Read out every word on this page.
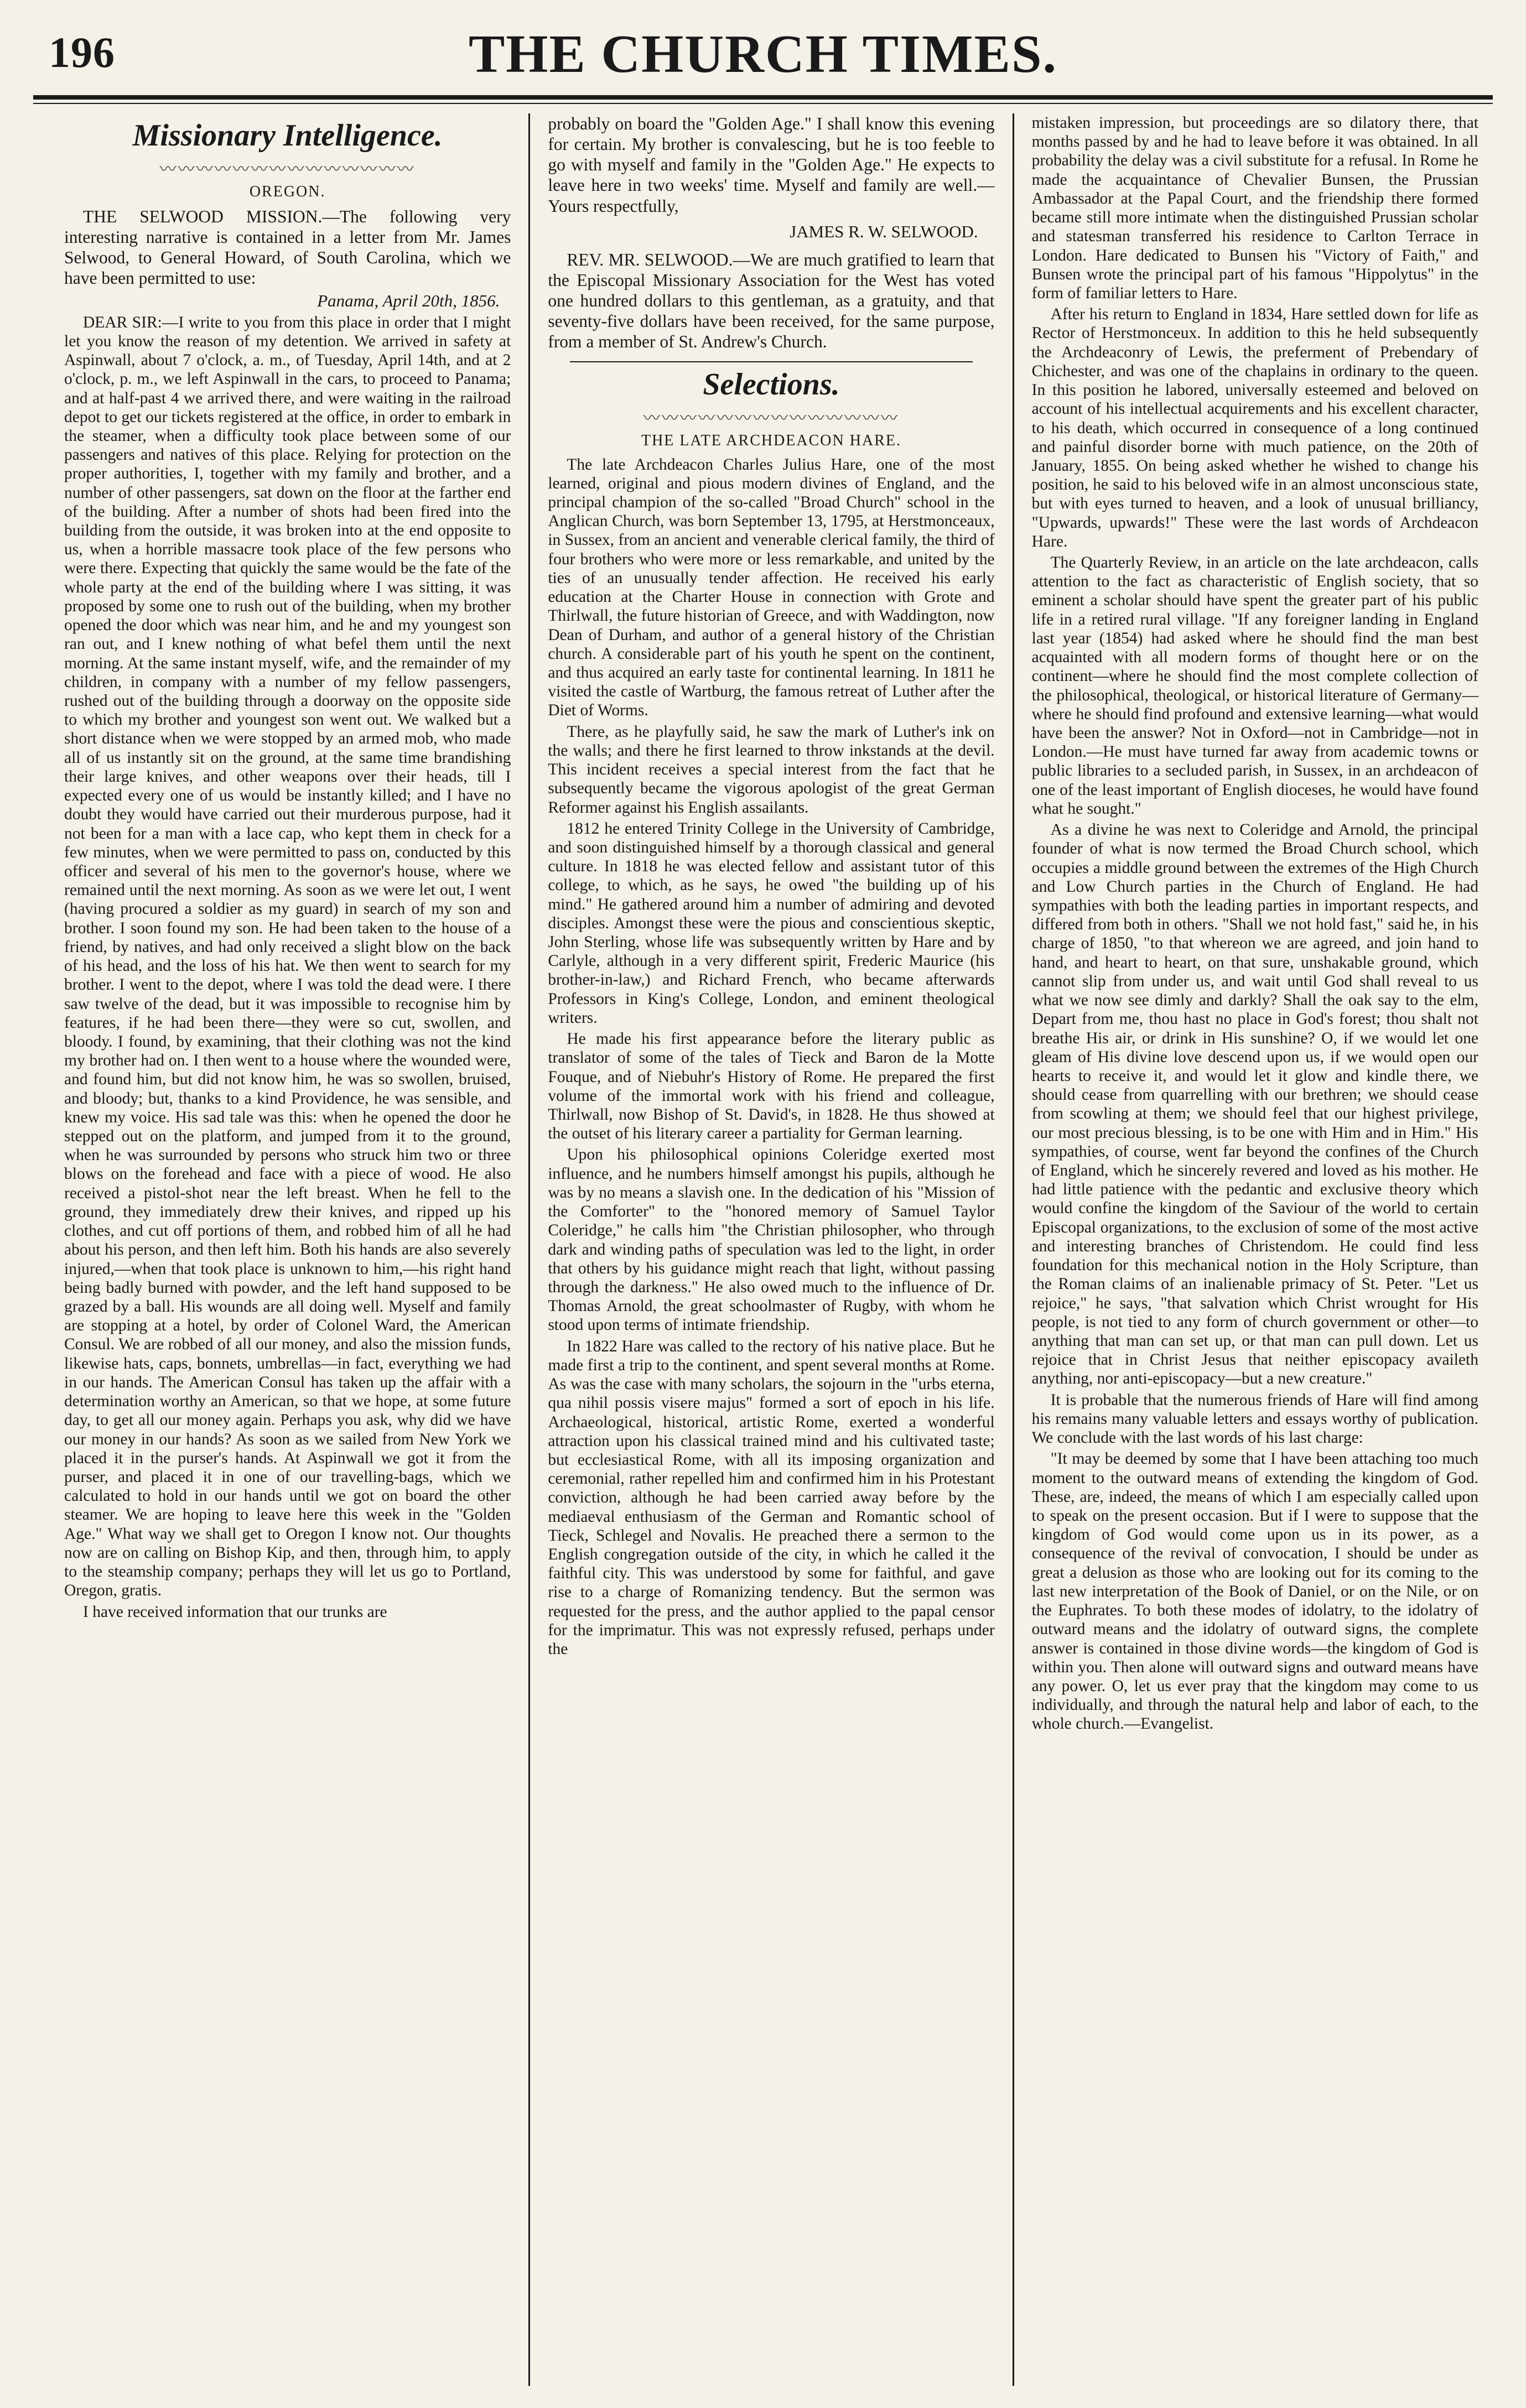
196	THE CHURCH TIMES.
Missionary Intelligence.
〰〰〰〰〰〰〰〰〰〰〰〰〰〰
OREGON.

THE SELWOOD MISSION.—The following very interesting narrative is contained in a letter from Mr. James Selwood, to General Howard, of South Carolina, which we have been permitted to use:

Panama, April 20th, 1856.

DEAR SIR:—I write to you from this place in order that I might let you know the reason of my detention. We arrived in safety at Aspinwall, about 7 o'clock, a. m., of Tuesday, April 14th, and at 2 o'clock, p. m., we left Aspinwall in the cars, to proceed to Panama; and at half-past 4 we arrived there, and were waiting in the railroad depot to get our tickets registered at the office, in order to embark in the steamer, when a difficulty took place between some of our passengers and natives of this place. Relying for protection on the proper authorities, I, together with my family and brother, and a number of other passengers, sat down on the floor at the farther end of the building. After a number of shots had been fired into the building from the outside, it was broken into at the end opposite to us, when a horrible massacre took place of the few persons who were there. Expecting that quickly the same would be the fate of the whole party at the end of the building where I was sitting, it was proposed by some one to rush out of the building, when my brother opened the door which was near him, and he and my youngest son ran out, and I knew nothing of what befel them until the next morning. At the same instant myself, wife, and the remainder of my children, in company with a number of my fellow passengers, rushed out of the building through a doorway on the opposite side to which my brother and youngest son went out. We walked but a short distance when we were stopped by an armed mob, who made all of us instantly sit on the ground, at the same time brandishing their large knives, and other weapons over their heads, till I expected every one of us would be instantly killed; and I have no doubt they would have carried out their murderous purpose, had it not been for a man with a lace cap, who kept them in check for a few minutes, when we were permitted to pass on, conducted by this officer and several of his men to the governor's house, where we remained until the next morning. As soon as we were let out, I went (having procured a soldier as my guard) in search of my son and brother. I soon found my son. He had been taken to the house of a friend, by natives, and had only received a slight blow on the back of his head, and the loss of his hat. We then went to search for my brother. I went to the depot, where I was told the dead were. I there saw twelve of the dead, but it was impossible to recognise him by features, if he had been there—they were so cut, swollen, and bloody. I found, by examining, that their clothing was not the kind my brother had on. I then went to a house where the wounded were, and found him, but did not know him, he was so swollen, bruised, and bloody; but, thanks to a kind Providence, he was sensible, and knew my voice. His sad tale was this: when he opened the door he stepped out on the platform, and jumped from it to the ground, when he was surrounded by persons who struck him two or three blows on the forehead and face with a piece of wood. He also received a pistol-shot near the left breast. When he fell to the ground, they immediately drew their knives, and ripped up his clothes, and cut off portions of them, and robbed him of all he had about his person, and then left him. Both his hands are also severely injured,—when that took place is unknown to him,—his right hand being badly burned with powder, and the left hand supposed to be grazed by a ball. His wounds are all doing well. Myself and family are stopping at a hotel, by order of Colonel Ward, the American Consul. We are robbed of all our money, and also the mission funds, likewise hats, caps, bonnets, umbrellas—in fact, everything we had in our hands. The American Consul has taken up the affair with a determination worthy an American, so that we hope, at some future day, to get all our money again. Perhaps you ask, why did we have our money in our hands? As soon as we sailed from New York we placed it in the purser's hands. At Aspinwall we got it from the purser, and placed it in one of our travelling-bags, which we calculated to hold in our hands until we got on board the other steamer. We are hoping to leave here this week in the "Golden Age." What way we shall get to Oregon I know not. Our thoughts now are on calling on Bishop Kip, and then, through him, to apply to the steamship company; perhaps they will let us go to Portland, Oregon, gratis.

I have received information that our trunks are

probably on board the "Golden Age." I shall know this evening for certain. My brother is convalescing, but he is too feeble to go with myself and family in the "Golden Age." He expects to leave here in two weeks' time. Myself and family are well.—Yours respectfully,

JAMES R. W. SELWOOD.

REV. MR. SELWOOD.—We are much gratified to learn that the Episcopal Missionary Association for the West has voted one hundred dollars to this gentleman, as a gratuity, and that seventy-five dollars have been received, for the same purpose, from a member of St. Andrew's Church.

Selections.
〰〰〰〰〰〰〰〰〰〰〰〰〰〰
THE LATE ARCHDEACON HARE.

The late Archdeacon Charles Julius Hare, one of the most learned, original and pious modern divines of England, and the principal champion of the so-called "Broad Church" school in the Anglican Church, was born September 13, 1795, at Herstmonceaux, in Sussex, from an ancient and venerable clerical family, the third of four brothers who were more or less remarkable, and united by the ties of an unusually tender affection. He received his early education at the Charter House in connection with Grote and Thirlwall, the future historian of Greece, and with Waddington, now Dean of Durham, and author of a general history of the Christian church. A considerable part of his youth he spent on the continent, and thus acquired an early taste for continental learning. In 1811 he visited the castle of Wartburg, the famous retreat of Luther after the Diet of Worms.

There, as he playfully said, he saw the mark of Luther's ink on the walls; and there he first learned to throw inkstands at the devil. This incident receives a special interest from the fact that he subsequently became the vigorous apologist of the great German Reformer against his English assailants.

1812 he entered Trinity College in the University of Cambridge, and soon distinguished himself by a thorough classical and general culture. In 1818 he was elected fellow and assistant tutor of this college, to which, as he says, he owed "the building up of his mind." He gathered around him a number of admiring and devoted disciples. Amongst these were the pious and conscientious skeptic, John Sterling, whose life was subsequently written by Hare and by Carlyle, although in a very different spirit, Frederic Maurice (his brother-in-law,) and Richard French, who became afterwards Professors in King's College, London, and eminent theological writers.

He made his first appearance before the literary public as translator of some of the tales of Tieck and Baron de la Motte Fouque, and of Niebuhr's History of Rome. He prepared the first volume of the immortal work with his friend and colleague, Thirlwall, now Bishop of St. David's, in 1828. He thus showed at the outset of his literary career a partiality for German learning.

Upon his philosophical opinions Coleridge exerted most influence, and he numbers himself amongst his pupils, although he was by no means a slavish one. In the dedication of his "Mission of the Comforter" to the "honored memory of Samuel Taylor Coleridge," he calls him "the Christian philosopher, who through dark and winding paths of speculation was led to the light, in order that others by his guidance might reach that light, without passing through the darkness." He also owed much to the influence of Dr. Thomas Arnold, the great schoolmaster of Rugby, with whom he stood upon terms of intimate friendship.

In 1822 Hare was called to the rectory of his native place. But he made first a trip to the continent, and spent several months at Rome. As was the case with many scholars, the sojourn in the "urbs eterna, qua nihil possis visere majus" formed a sort of epoch in his life. Archaeological, historical, artistic Rome, exerted a wonderful attraction upon his classical trained mind and his cultivated taste; but ecclesiastical Rome, with all its imposing organization and ceremonial, rather repelled him and confirmed him in his Protestant conviction, although he had been carried away before by the mediaeval enthusiasm of the German and Romantic school of Tieck, Schlegel and Novalis. He preached there a sermon to the English congregation outside of the city, in which he called it the faithful city. This was understood by some for faithful, and gave rise to a charge of Romanizing tendency. But the sermon was requested for the press, and the author applied to the papal censor for the imprimatur. This was not expressly refused, perhaps under the

mistaken impression, but proceedings are so dilatory there, that months passed by and he had to leave before it was obtained. In all probability the delay was a civil substitute for a refusal. In Rome he made the acquaintance of Chevalier Bunsen, the Prussian Ambassador at the Papal Court, and the friendship there formed became still more intimate when the distinguished Prussian scholar and statesman transferred his residence to Carlton Terrace in London. Hare dedicated to Bunsen his "Victory of Faith," and Bunsen wrote the principal part of his famous "Hippolytus" in the form of familiar letters to Hare.

After his return to England in 1834, Hare settled down for life as Rector of Herstmonceux. In addition to this he held subsequently the Archdeaconry of Lewis, the preferment of Prebendary of Chichester, and was one of the chaplains in ordinary to the queen. In this position he labored, universally esteemed and beloved on account of his intellectual acquirements and his excellent character, to his death, which occurred in consequence of a long continued and painful disorder borne with much patience, on the 20th of January, 1855. On being asked whether he wished to change his position, he said to his beloved wife in an almost unconscious state, but with eyes turned to heaven, and a look of unusual brilliancy, "Upwards, upwards!" These were the last words of Archdeacon Hare.

The Quarterly Review, in an article on the late archdeacon, calls attention to the fact as characteristic of English society, that so eminent a scholar should have spent the greater part of his public life in a retired rural village. "If any foreigner landing in England last year (1854) had asked where he should find the man best acquainted with all modern forms of thought here or on the continent—where he should find the most complete collection of the philosophical, theological, or historical literature of Germany—where he should find profound and extensive learning—what would have been the answer? Not in Oxford—not in Cambridge—not in London.—He must have turned far away from academic towns or public libraries to a secluded parish, in Sussex, in an archdeacon of one of the least important of English dioceses, he would have found what he sought."

As a divine he was next to Coleridge and Arnold, the principal founder of what is now termed the Broad Church school, which occupies a middle ground between the extremes of the High Church and Low Church parties in the Church of England. He had sympathies with both the leading parties in important respects, and differed from both in others. "Shall we not hold fast," said he, in his charge of 1850, "to that whereon we are agreed, and join hand to hand, and heart to heart, on that sure, unshakable ground, which cannot slip from under us, and wait until God shall reveal to us what we now see dimly and darkly? Shall the oak say to the elm, Depart from me, thou hast no place in God's forest; thou shalt not breathe His air, or drink in His sunshine? O, if we would let one gleam of His divine love descend upon us, if we would open our hearts to receive it, and would let it glow and kindle there, we should cease from quarrelling with our brethren; we should cease from scowling at them; we should feel that our highest privilege, our most precious blessing, is to be one with Him and in Him." His sympathies, of course, went far beyond the confines of the Church of England, which he sincerely revered and loved as his mother. He had little patience with the pedantic and exclusive theory which would confine the kingdom of the Saviour of the world to certain Episcopal organizations, to the exclusion of some of the most active and interesting branches of Christendom. He could find less foundation for this mechanical notion in the Holy Scripture, than the Roman claims of an inalienable primacy of St. Peter. "Let us rejoice," he says, "that salvation which Christ wrought for His people, is not tied to any form of church government or other—to anything that man can set up, or that man can pull down. Let us rejoice that in Christ Jesus that neither episcopacy availeth anything, nor anti-episcopacy—but a new creature."

It is probable that the numerous friends of Hare will find among his remains many valuable letters and essays worthy of publication. We conclude with the last words of his last charge:

"It may be deemed by some that I have been attaching too much moment to the outward means of extending the kingdom of God. These, are, indeed, the means of which I am especially called upon to speak on the present occasion. But if I were to suppose that the kingdom of God would come upon us in its power, as a consequence of the revival of convocation, I should be under as great a delusion as those who are looking out for its coming to the last new interpretation of the Book of Daniel, or on the Nile, or on the Euphrates. To both these modes of idolatry, to the idolatry of outward means and the idolatry of outward signs, the complete answer is contained in those divine words—the kingdom of God is within you. Then alone will outward signs and outward means have any power. O, let us ever pray that the kingdom may come to us individually, and through the natural help and labor of each, to the whole church.—Evangelist.
